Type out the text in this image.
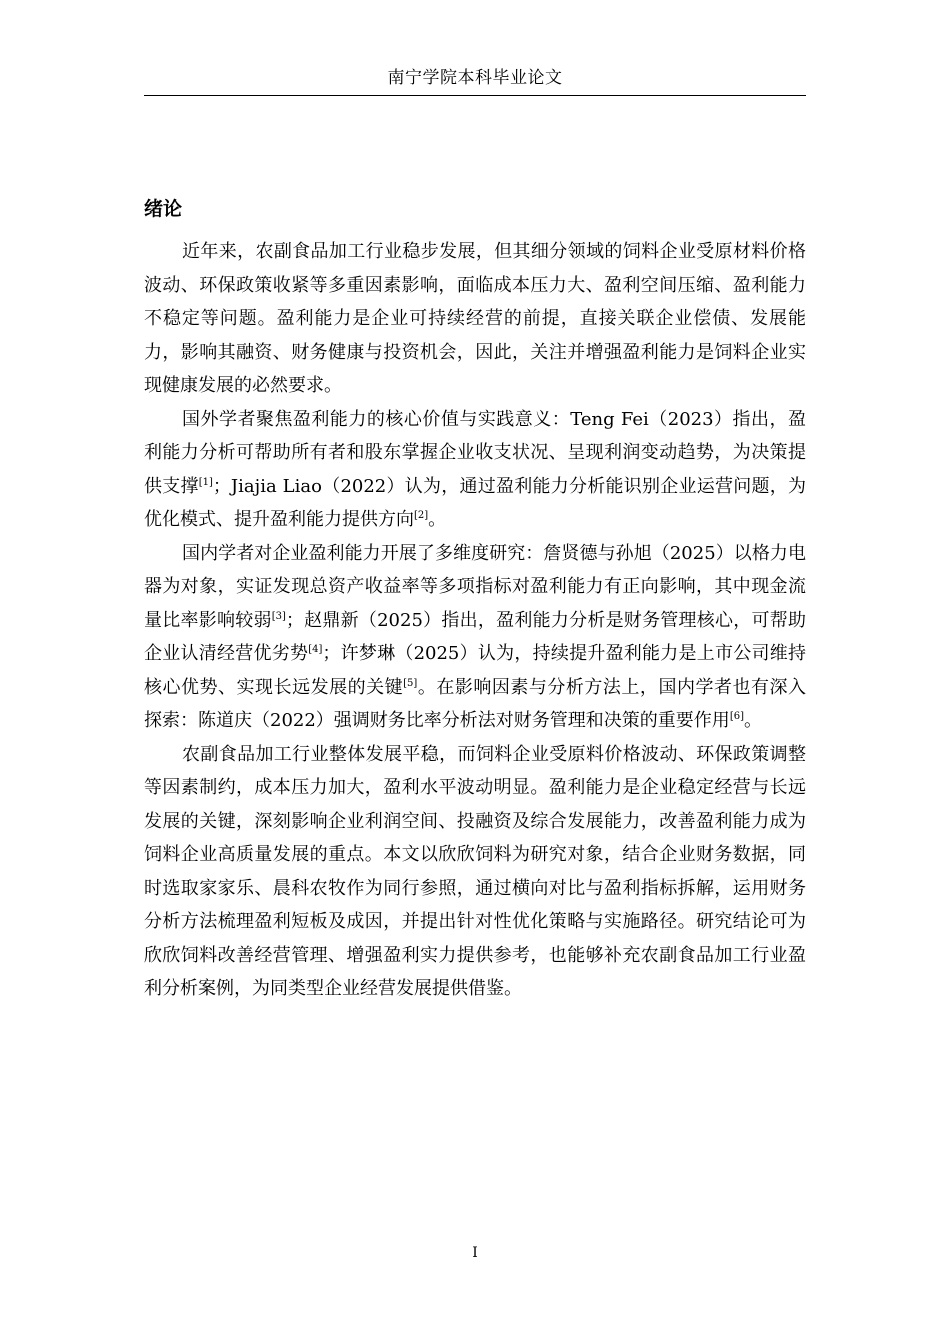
南宁学院本科毕业论文
绪论

近年来，农副食品加工行业稳步发展，但其细分领域的饲料企业受原材料价格波动、环保政策收紧等多重因素影响，面临成本压力大、盈利空间压缩、盈利能力不稳定等问题。盈利能力是企业可持续经营的前提，直接关联企业偿债、发展能力，影响其融资、财务健康与投资机会，因此，关注并增强盈利能力是饲料企业实现健康发展的必然要求。

国外学者聚焦盈利能力的核心价值与实践意义：Teng Fei（2023）指出，盈利能力分析可帮助所有者和股东掌握企业收支状况、呈现利润变动趋势，为决策提供支撑[1]；Jiajia Liao（2022）认为，通过盈利能力分析能识别企业运营问题，为优化模式、提升盈利能力提供方向[2]。

国内学者对企业盈利能力开展了多维度研究：詹贤德与孙旭（2025）以格力电器为对象，实证发现总资产收益率等多项指标对盈利能力有正向影响，其中现金流量比率影响较弱[3]；赵鼎新（2025）指出，盈利能力分析是财务管理核心，可帮助企业认清经营优劣势[4]；许梦琳（2025）认为，持续提升盈利能力是上市公司维持核心优势、实现长远发展的关键[5]。在影响因素与分析方法上，国内学者也有深入探索：陈道庆（2022）强调财务比率分析法对财务管理和决策的重要作用[6]。

农副食品加工行业整体发展平稳，而饲料企业受原料价格波动、环保政策调整等因素制约，成本压力加大，盈利水平波动明显。盈利能力是企业稳定经营与长远发展的关键，深刻影响企业利润空间、投融资及综合发展能力，改善盈利能力成为饲料企业高质量发展的重点。本文以欣欣饲料为研究对象，结合企业财务数据，同时选取家家乐、晨科农牧作为同行参照，通过横向对比与盈利指标拆解，运用财务分析方法梳理盈利短板及成因，并提出针对性优化策略与实施路径。研究结论可为欣欣饲料改善经营管理、增强盈利实力提供参考，也能够补充农副食品加工行业盈利分析案例，为同类型企业经营发展提供借鉴。

I
